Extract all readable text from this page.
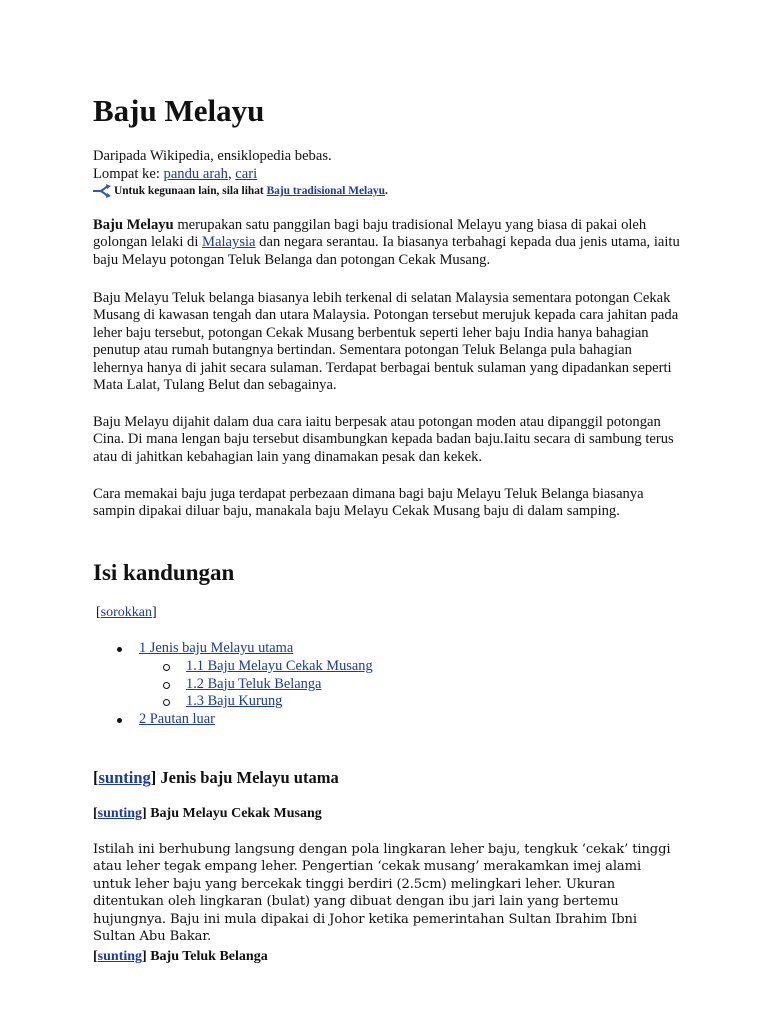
Baju Melayu
Daripada Wikipedia, ensiklopedia bebas.
Lompat ke: pandu arah, cari
Untuk kegunaan lain, sila lihat
Baju tradisional Melayu .

Baju Melayu merupakan satu panggilan bagi baju tradisional Melayu yang biasa di pakai oleh golongan lelaki di Malaysia dan negara serantau. Ia biasanya terbahagi kepada dua jenis utama, iaitu baju Melayu potongan Teluk Belanga dan potongan Cekak Musang.

Baju Melayu Teluk belanga biasanya lebih terkenal di selatan Malaysia sementara potongan Cekak Musang di kawasan tengah dan utara Malaysia. Potongan tersebut merujuk kepada cara jahitan pada leher baju tersebut, potongan Cekak Musang berbentuk seperti leher baju India hanya bahagian penutup atau rumah butangnya bertindan. Sementara potongan Teluk Belanga pula bahagian lehernya hanya di jahit secara sulaman. Terdapat berbagai bentuk sulaman yang dipadankan seperti Mata Lalat, Tulang Belut dan sebagainya.

Baju Melayu dijahit dalam dua cara iaitu berpesak atau potongan moden atau dipanggil potongan Cina. Di mana lengan baju tersebut disambungkan kepada badan baju.Iaitu secara di sambung terus atau di jahitkan kebahagian lain yang dinamakan pesak dan kekek.

Cara memakai baju juga terdapat perbezaan dimana bagi baju Melayu Teluk Belanga biasanya sampin dipakai diluar baju, manakala baju Melayu Cekak Musang baju di dalam samping.

Isi kandungan
[sorokkan]
1 Jenis baju Melayu utama
1.1 Baju Melayu Cekak Musang
1.2 Baju Teluk Belanga
1.3 Baju Kurung
2 Pautan luar
[sunting] Jenis baju Melayu utama
[sunting] Baju Melayu Cekak Musang

Istilah ini berhubung langsung dengan pola lingkaran leher baju, tengkuk ‘cekak’ tinggi atau leher tegak empang leher. Pengertian ‘cekak musang’ merakamkan imej alami untuk leher baju yang bercekak tinggi berdiri (2.5cm) melingkari leher. Ukuran ditentukan oleh lingkaran (bulat) yang dibuat dengan ibu jari lain yang bertemu hujungnya. Baju ini mula dipakai di Johor ketika pemerintahan Sultan Ibrahim Ibni Sultan Abu Bakar.

[sunting] Baju Teluk Belanga
